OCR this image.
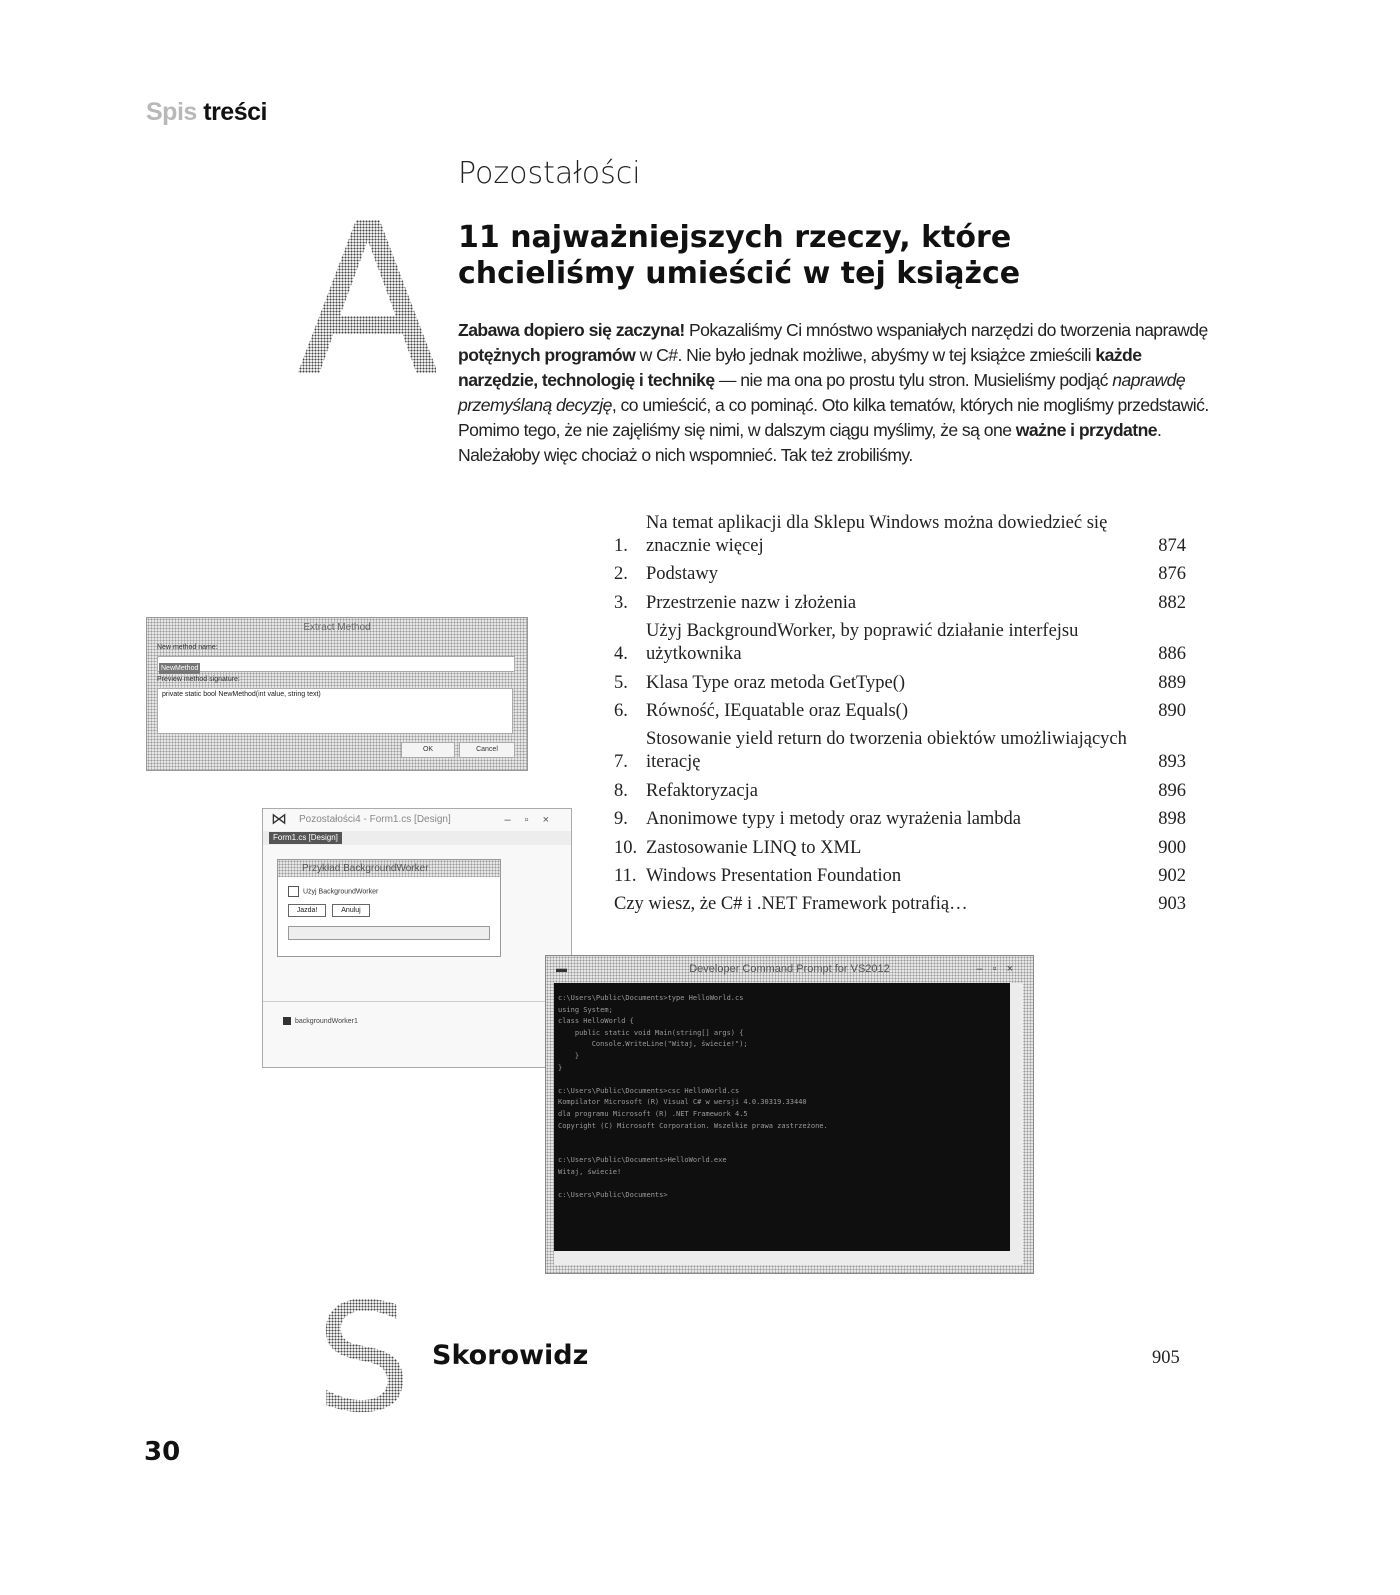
Spis treści
A
Pozostałości
11 najważniejszych rzeczy, które chcieliśmy umieścić w tej książce
Zabawa dopiero się zaczyna! Pokazaliśmy Ci mnóstwo wspaniałych narzędzi do tworzenia naprawdę potężnych programów w C#. Nie było jednak możliwe, abyśmy w tej książce zmieścili każde narzędzie, technologię i technikę — nie ma ona po prostu tylu stron. Musieliśmy podjąć naprawdę przemyślaną decyzję, co umieścić, a co pominąć. Oto kilka tematów, których nie mogliśmy przedstawić. Pomimo tego, że nie zajęliśmy się nimi, w dalszym ciągu myślimy, że są one ważne i przydatne. Należałoby więc chociaż o nich wspomnieć. Tak też zrobiliśmy.
1.
Na temat aplikacji dla Sklepu Windows można dowiedzieć się znacznie więcej	874
2. Podstawy	876
3. Przestrzenie nazw i złożenia	882
4.
Użyj BackgroundWorker, by poprawić działanie interfejsu użytkownika	886
5. Klasa Type oraz metoda GetType()	889
6. Równość, IEquatable oraz Equals()	890
7.
Stosowanie yield return do tworzenia obiektów umożliwiających iterację	893
8. Refaktoryzacja	896
9. Anonimowe typy i metody oraz wyrażenia lambda	898
10. Zastosowanie LINQ to XML	900
11. Windows Presentation Foundation	902
Czy wiesz, że C# i .NET Framework potrafią…	903
Extract Method
New method name:
NewMethod
Preview method signature:
private static bool NewMethod(int value, string text)
OK	Cancel
⋈ Pozostałości4 - Form1.cs [Design]	–▫×
Form1.cs [Design]
Przykład BackgroundWorker
Użyj BackgroundWorker
Jazda!	Anuluj
backgroundWorker1
▬	Developer Command Prompt for VS2012	–▫×
c:\Users\Public\Documents>type HelloWorld.cs
using System;
class HelloWorld {
public static void Main(string[] args) {
Console.WriteLine("Witaj, świecie!");
}
}

c:\Users\Public\Documents>csc HelloWorld.cs
Kompilator Microsoft (R) Visual C# w wersji 4.0.30319.33440
dla programu Microsoft (R) .NET Framework 4.5
Copyright (C) Microsoft Corporation. Wszelkie prawa zastrzeżone.

c:\Users\Public\Documents>HelloWorld.exe
Witaj, świecie!

c:\Users\Public\Documents>
S Skorowidz	905
30
